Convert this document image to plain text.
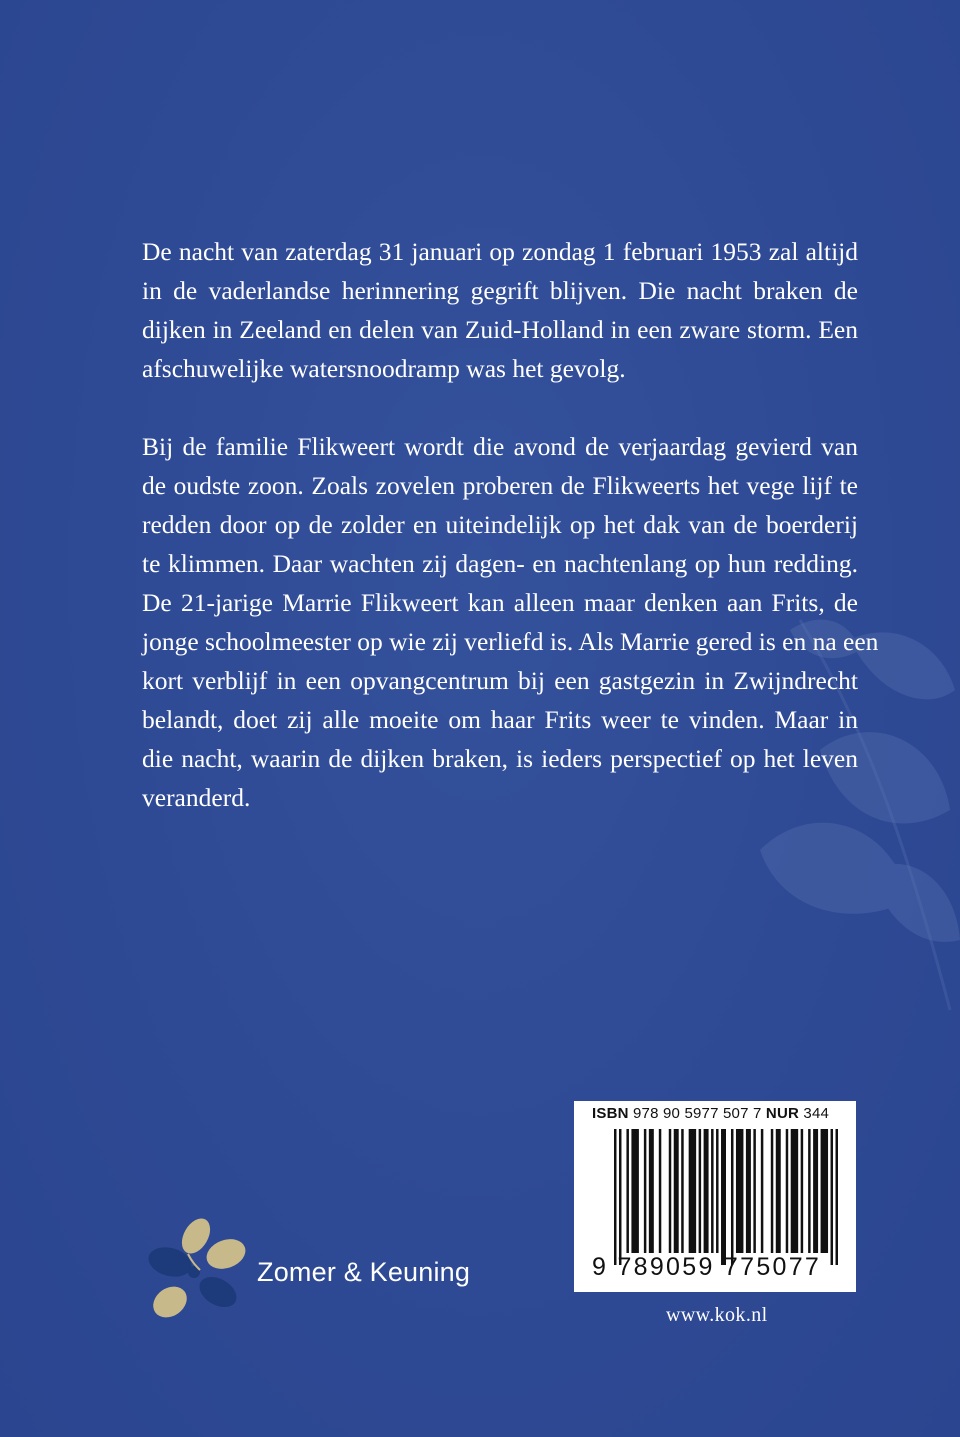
De nacht van zaterdag 31 januari op zondag 1 februari 1953 zal altijd
in de vaderlandse herinnering gegrift blijven. Die nacht braken de
dijken in Zeeland en delen van Zuid-Holland in een zware storm. Een
afschuwelijke watersnoodramp was het gevolg.

Bij de familie Flikweert wordt die avond de verjaardag gevierd van
de oudste zoon. Zoals zovelen proberen de Flikweerts het vege lijf te
redden door op de zolder en uiteindelijk op het dak van de boerderij
te klimmen. Daar wachten zij dagen- en nachtenlang op hun redding.
De 21-jarige Marrie Flikweert kan alleen maar denken aan Frits, de
jonge schoolmeester op wie zij verliefd is. Als Marrie gered is en na een
kort verblijf in een opvangcentrum bij een gastgezin in Zwijndrecht
belandt, doet zij alle moeite om haar Frits weer te vinden. Maar in
die nacht, waarin de dijken braken, is ieders perspectief op het leven
veranderd.

ISBN 978 90 5977 507 7 NUR 344
9 789059 775077
www.kok.nl
Zomer & Keuning
